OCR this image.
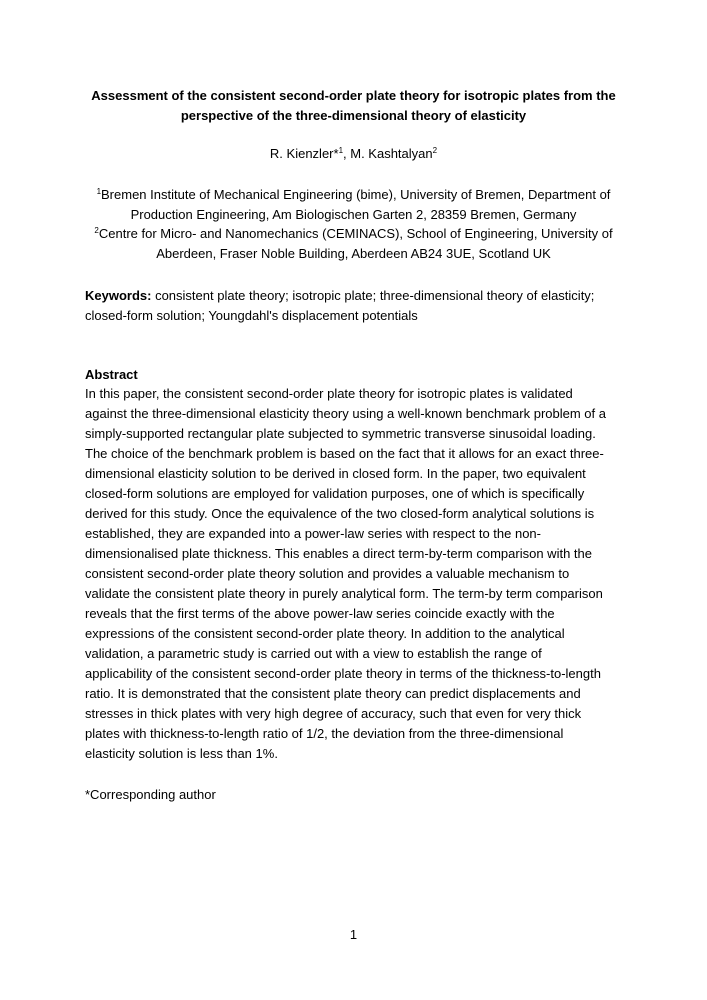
Assessment of the consistent second-order plate theory for isotropic plates from the
perspective of the three-dimensional theory of elasticity
R. Kienzler*$^1$, M. Kashtalyan$^2$
$^1$Bremen Institute of Mechanical Engineering (bime), University of Bremen, Department of
Production Engineering, Am Biologischen Garten 2, 28359 Bremen, Germany
$^2$Centre for Micro- and Nanomechanics (CEMINACS), School of Engineering, University of
Aberdeen, Fraser Noble Building, Aberdeen AB24 3UE, Scotland UK
Keywords: consistent plate theory; isotropic plate; three-dimensional theory of elasticity;
closed-form solution; Youngdahl's displacement potentials
Abstract
In this paper, the consistent second-order plate theory for isotropic plates is validated
against the three-dimensional elasticity theory using a well-known benchmark problem of a
simply-supported rectangular plate subjected to symmetric transverse sinusoidal loading.
The choice of the benchmark problem is based on the fact that it allows for an exact three-
dimensional elasticity solution to be derived in closed form. In the paper, two equivalent
closed-form solutions are employed for validation purposes, one of which is specifically
derived for this study. Once the equivalence of the two closed-form analytical solutions is
established, they are expanded into a power-law series with respect to the non-
dimensionalised plate thickness. This enables a direct term-by-term comparison with the
consistent second-order plate theory solution and provides a valuable mechanism to
validate the consistent plate theory in purely analytical form. The term-by term comparison
reveals that the first terms of the above power-law series coincide exactly with the
expressions of the consistent second-order plate theory. In addition to the analytical
validation, a parametric study is carried out with a view to establish the range of
applicability of the consistent second-order plate theory in terms of the thickness-to-length
ratio. It is demonstrated that the consistent plate theory can predict displacements and
stresses in thick plates with very high degree of accuracy, such that even for very thick
plates with thickness-to-length ratio of 1/2, the deviation from the three-dimensional
elasticity solution is less than 1%.
*Corresponding author
1
